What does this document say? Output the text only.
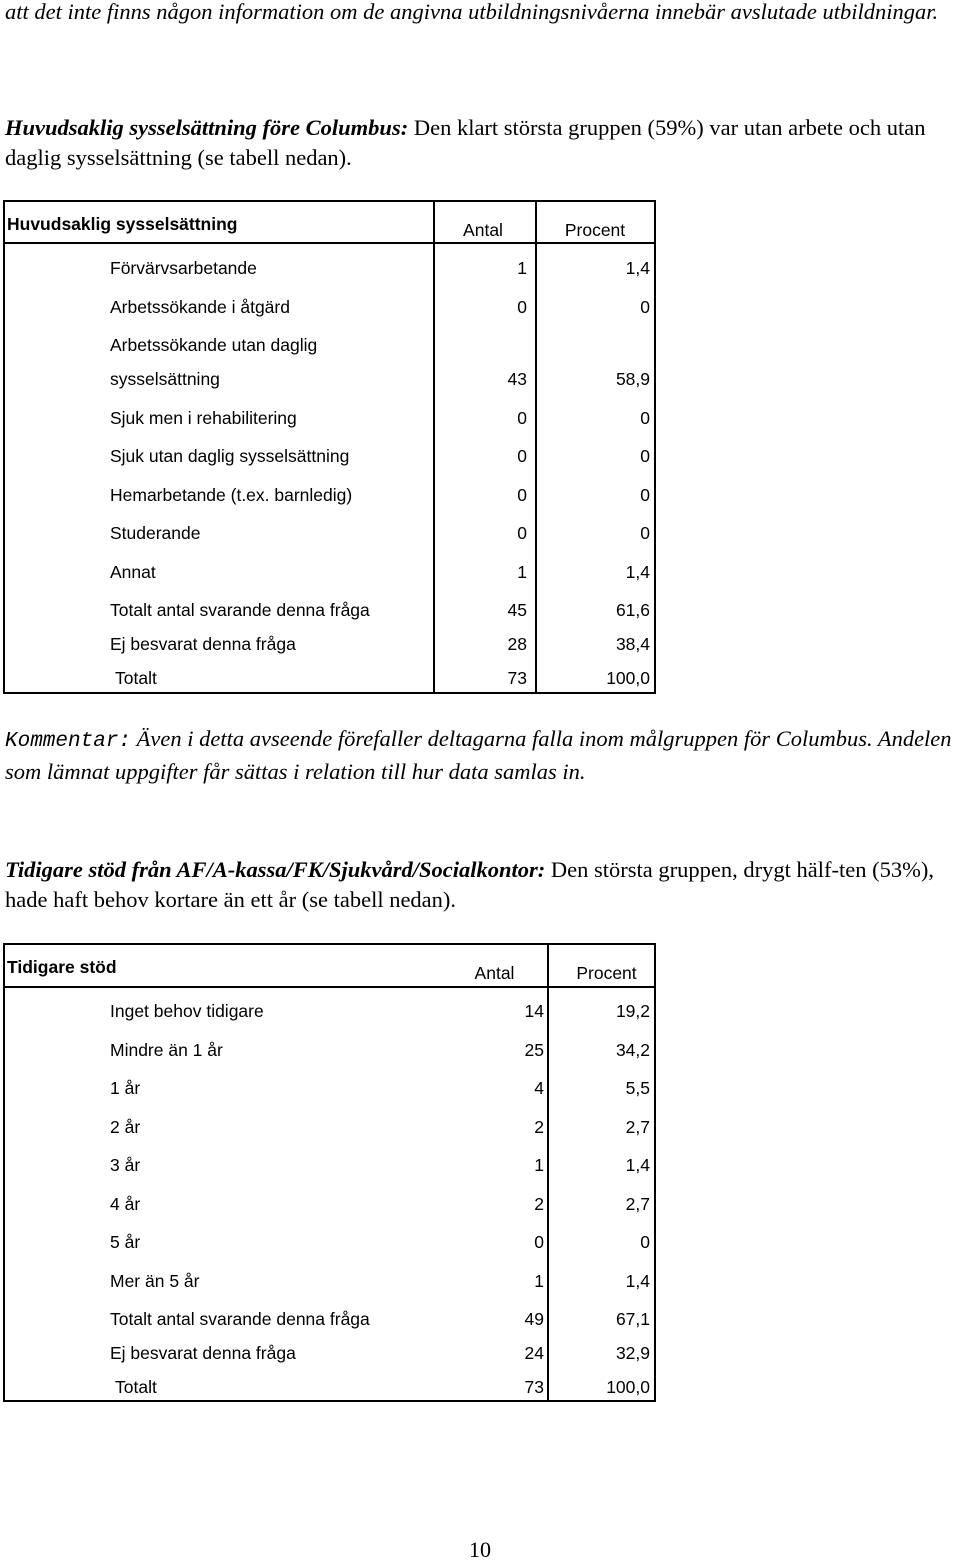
att det inte finns någon information om de angivna utbildningsnivåerna innebär avslutade utbildningar.

Huvudsaklig sysselsättning före Columbus: Den klart största gruppen (59%) var utan arbete och utan daglig sysselsättning (se tabell nedan).

Huvudsaklig sysselsättning	Antal	Procent
Förvärvsarbetande	1	1,4
Arbetssökande i åtgärd	0	0
Arbetssökande utan daglig
sysselsättning	43	58,9
Sjuk men i rehabilitering	0	0
Sjuk utan daglig sysselsättning	0	0
Hemarbetande (t.ex. barnledig)	0	0
Studerande	0	0
Annat	1	1,4
Totalt antal svarande denna fråga	45	61,6
Ej besvarat denna fråga	28	38,4
Totalt	73	100,0
Kommentar: Även i detta avseende förefaller deltagarna falla inom målgruppen för Columbus. Andelen som lämnat uppgifter får sättas i relation till hur data samlas in.

Tidigare stöd från AF/A-kassa/FK/Sjukvård/Socialkontor: Den största gruppen, drygt hälf-ten (53%), hade haft behov kortare än ett år (se tabell nedan).

Tidigare stöd	Antal	Procent
Inget behov tidigare	14	19,2
Mindre än 1 år	25	34,2
1 år	4	5,5
2 år	2	2,7
3 år	1	1,4
4 år	2	2,7
5 år	0	0
Mer än 5 år	1	1,4
Totalt antal svarande denna fråga	49	67,1
Ej besvarat denna fråga	24	32,9
Totalt	73	100,0
10
